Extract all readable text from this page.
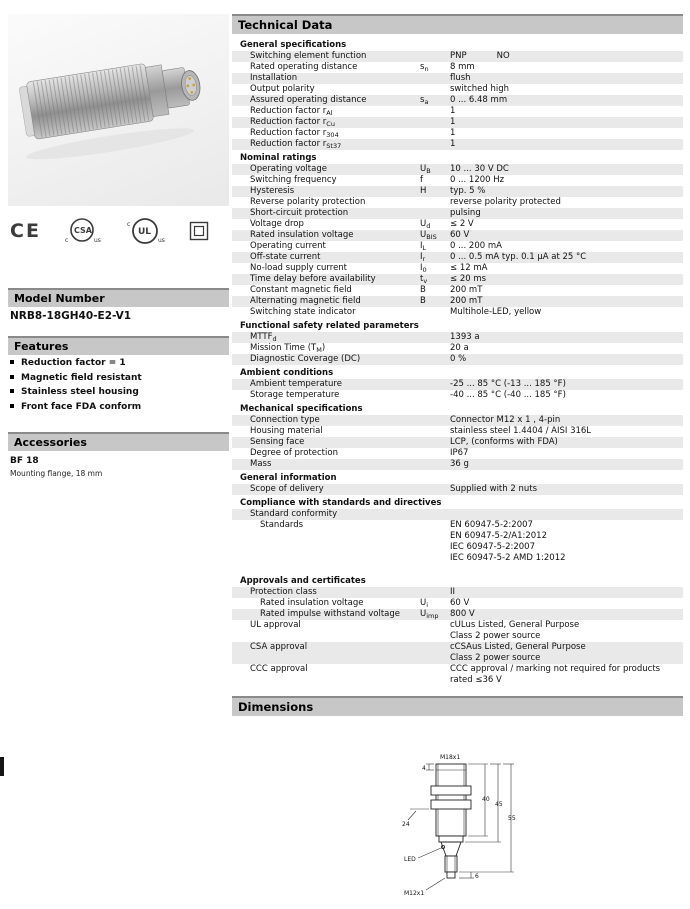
CE	c
CSA
us
c
UL
us
Model Number
NRB8-18GH40-E2-V1
Features
Reduction factor = 1
Magnetic field resistant
Stainless steel housing
Front face FDA conform
Accessories
BF 18
Mounting flange, 18 mm
Technical Data
General specifications
Switching element function	PNP	NO
Rated operating distance	$s_n$	8 mm
Installation	flush
Output polarity	switched high
Assured operating distance	$s_a$	0 ... 6.48 mm
Reduction factor $r_{Al}$	1
Reduction factor $r_{Cu}$	1
Reduction factor $r_{304}$	1
Reduction factor $r_{St37}$	1
Nominal ratings
Operating voltage	$U_B$	10 ... 30 V DC
Switching frequency	f	0 ... 1200 Hz
Hysteresis	H	typ. 5 %
Reverse polarity protection	reverse polarity protected
Short-circuit protection	pulsing
Voltage drop	$U_d$	≤ 2 V
Rated insulation voltage	$U_{BIS}$	60 V
Operating current	$I_L$	0 ... 200 mA
Off-state current	$I_r$	0 ... 0.5 mA typ. 0.1 µA at 25 °C
No-load supply current	$I_0$	≤ 12 mA
Time delay before availability	$t_v$	≤ 20 ms
Constant magnetic field	B	200 mT
Alternating magnetic field	B	200 mT
Switching state indicator	Multihole-LED, yellow
Functional safety related parameters
$MTTF_d$	1393 a
Mission Time $(T_M)$	20 a
Diagnostic Coverage (DC)	0 %
Ambient conditions
Ambient temperature	-25 ... 85 °C (-13 ... 185 °F)
Storage temperature	-40 ... 85 °C (-40 ... 185 °F)
Mechanical specifications
Connection type	Connector M12 x 1 , 4-pin
Housing material	stainless steel 1.4404 / AISI 316L
Sensing face	LCP, (conforms with FDA)
Degree of protection	IP67
Mass	36 g
General information
Scope of delivery	Supplied with 2 nuts
Compliance with standards and directives
Standard conformity
Standards	EN 60947-5-2:2007
EN 60947-5-2/A1:2012
IEC 60947-5-2:2007
IEC 60947-5-2 AMD 1:2012
Approvals and certificates
Protection class	II
Rated insulation voltage	$U_i$	60 V
Rated impulse withstand voltage	$U_{imp}$	800 V
UL approval	cULus Listed, General Purpose
Class 2 power source
CSA approval	cCSAus Listed, General Purpose
Class 2 power source
CCC approval	CCC approval / marking not required for products rated ≤36 V
Dimensions
M18x1
LED
M12x1
4
24
40
45
55
6
